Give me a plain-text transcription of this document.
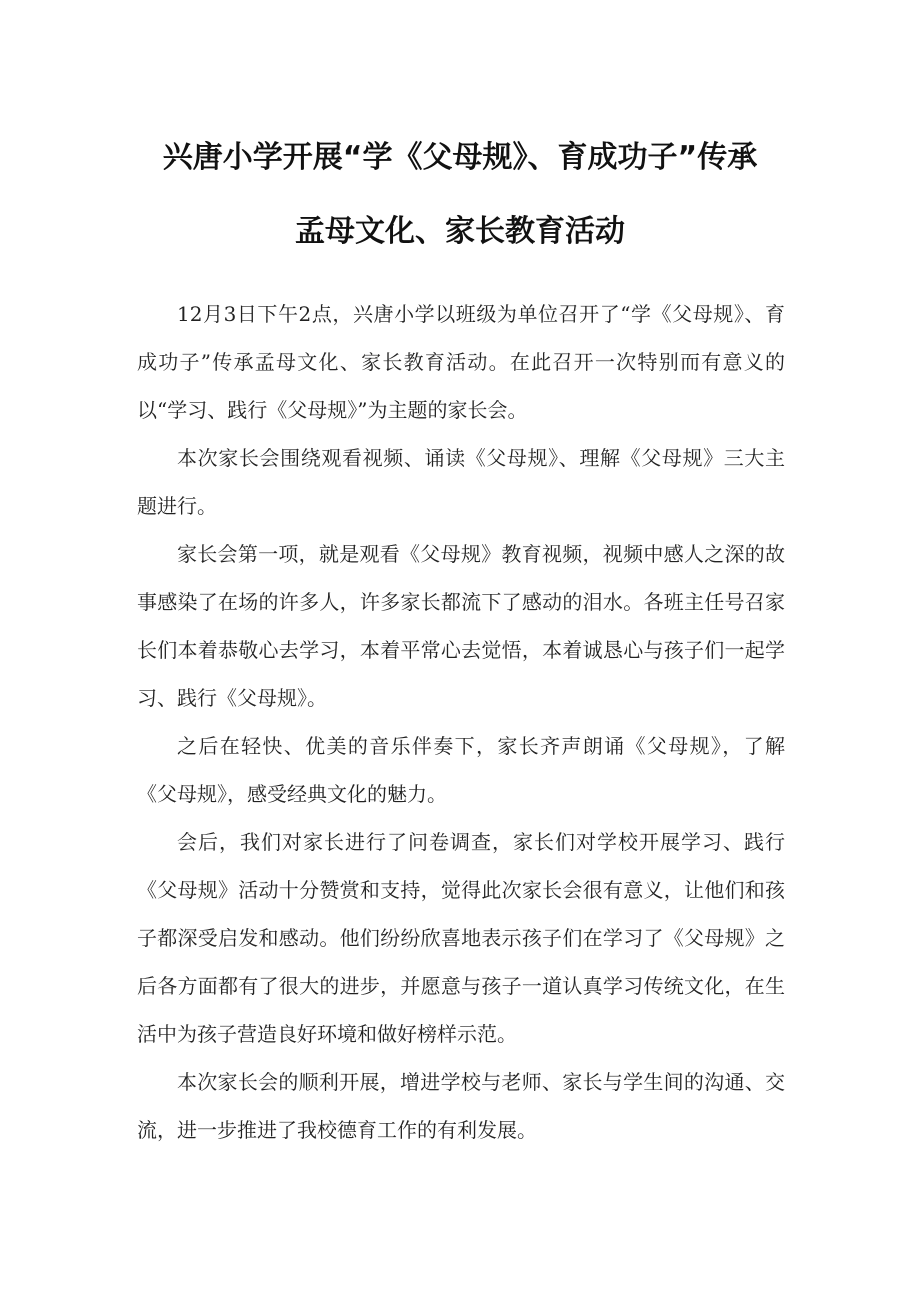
兴唐小学开展“学《父母规》、育成功子”传承
孟母文化、家长教育活动

12月3日下午2点，兴唐小学以班级为单位召开了“学《父母规》、育成功子”传承孟母文化、家长教育活动。在此召开一次特别而有意义的以“学习、践行《父母规》”为主题的家长会。

本次家长会围绕观看视频、诵读《父母规》、理解《父母规》三大主题进行。

家长会第一项，就是观看《父母规》教育视频，视频中感人之深的故事感染了在场的许多人，许多家长都流下了感动的泪水。各班主任号召家长们本着恭敬心去学习，本着平常心去觉悟，本着诚恳心与孩子们一起学习、践行《父母规》。

之后在轻快、优美的音乐伴奏下，家长齐声朗诵《父母规》，了解《父母规》，感受经典文化的魅力。

会后，我们对家长进行了问卷调查，家长们对学校开展学习、践行《父母规》活动十分赞赏和支持，觉得此次家长会很有意义，让他们和孩子都深受启发和感动。他们纷纷欣喜地表示孩子们在学习了《父母规》之后各方面都有了很大的进步，并愿意与孩子一道认真学习传统文化，在生活中为孩子营造良好环境和做好榜样示范。

本次家长会的顺利开展，增进学校与老师、家长与学生间的沟通、交流，进一步推进了我校德育工作的有利发展。
